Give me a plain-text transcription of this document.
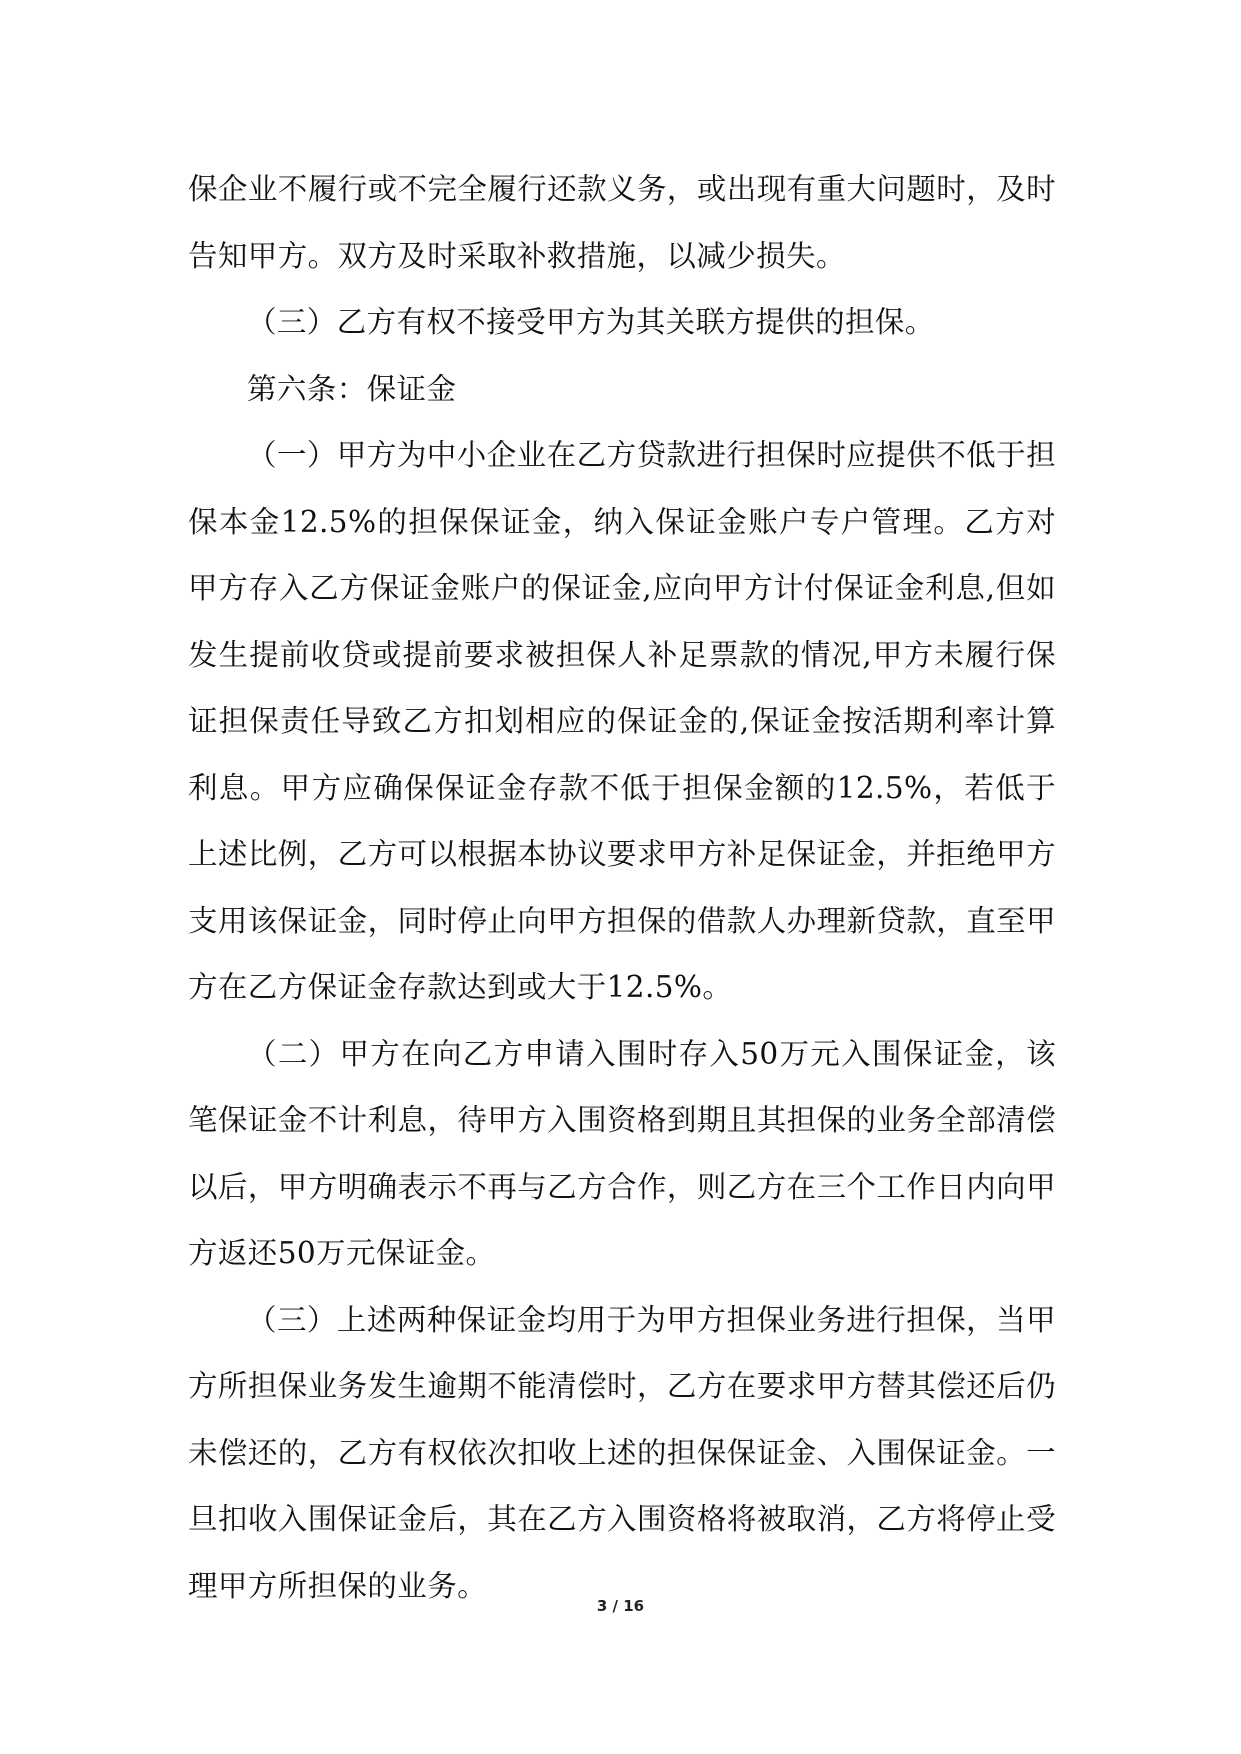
保企业不履行或不完全履行还款义务，或出现有重大问题时，及时告知甲方。双方及时采取补救措施，以减少损失。

（三）乙方有权不接受甲方为其关联方提供的担保。

第六条：保证金

（一）甲方为中小企业在乙方贷款进行担保时应提供不低于担保本金12.5%的担保保证金，纳入保证金账户专户管理。乙方对甲方存入乙方保证金账户的保证金,应向甲方计付保证金利息,但如发生提前收贷或提前要求被担保人补足票款的情况,甲方未履行保证担保责任导致乙方扣划相应的保证金的,保证金按活期利率计算利息。甲方应确保保证金存款不低于担保金额的12.5%，若低于上述比例，乙方可以根据本协议要求甲方补足保证金，并拒绝甲方支用该保证金，同时停止向甲方担保的借款人办理新贷款，直至甲方在乙方保证金存款达到或大于12.5%。

（二）甲方在向乙方申请入围时存入50万元入围保证金，该笔保证金不计利息，待甲方入围资格到期且其担保的业务全部清偿以后，甲方明确表示不再与乙方合作，则乙方在三个工作日内向甲方返还50万元保证金。

（三）上述两种保证金均用于为甲方担保业务进行担保，当甲方所担保业务发生逾期不能清偿时，乙方在要求甲方替其偿还后仍未偿还的，乙方有权依次扣收上述的担保保证金、入围保证金。一旦扣收入围保证金后，其在乙方入围资格将被取消，乙方将停止受理甲方所担保的业务。

3 / 16
